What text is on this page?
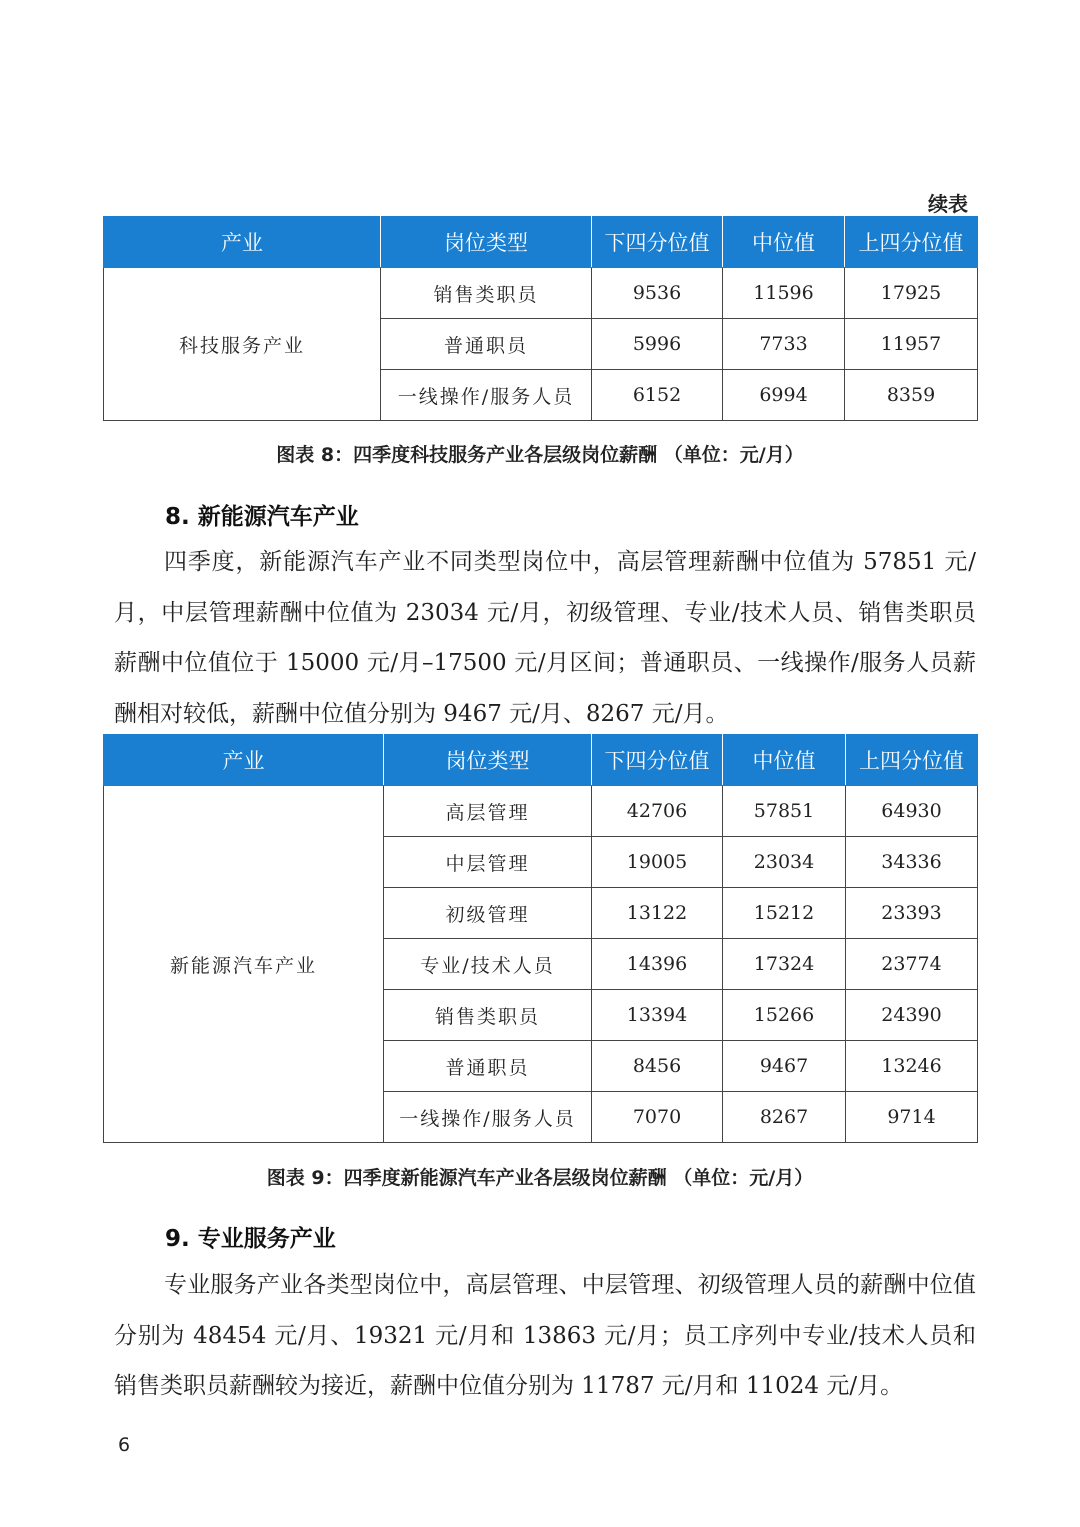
续表
产业	岗位类型	下四分位值	中位值	上四分位值
科技服务产业	销售类职员	9536	11596	17925
	普通职员	5996	7733	11957
	一线操作/服务人员	6152	6994	8359
图表 8：四季度科技服务产业各层级岗位薪酬 （单位：元/月）
8. 新能源汽车产业
四季度，新能源汽车产业不同类型岗位中，高层管理薪酬中位值为 57851 元/月，中层管理薪酬中位值为 23034 元/月，初级管理、专业/技术人员、销售类职员薪酬中位值位于 15000 元/月–17500 元/月区间；普通职员、一线操作/服务人员薪酬相对较低，薪酬中位值分别为 9467 元/月、8267 元/月。
产业	岗位类型	下四分位值	中位值	上四分位值
新能源汽车产业	高层管理	42706	57851	64930
	中层管理	19005	23034	34336
	初级管理	13122	15212	23393
	专业/技术人员	14396	17324	23774
	销售类职员	13394	15266	24390
	普通职员	8456	9467	13246
	一线操作/服务人员	7070	8267	9714
图表 9：四季度新能源汽车产业各层级岗位薪酬 （单位：元/月）
9. 专业服务产业
专业服务产业各类型岗位中，高层管理、中层管理、初级管理人员的薪酬中位值分别为 48454 元/月、19321 元/月和 13863 元/月；员工序列中专业/技术人员和销售类职员薪酬较为接近，薪酬中位值分别为 11787 元/月和 11024 元/月。
6
